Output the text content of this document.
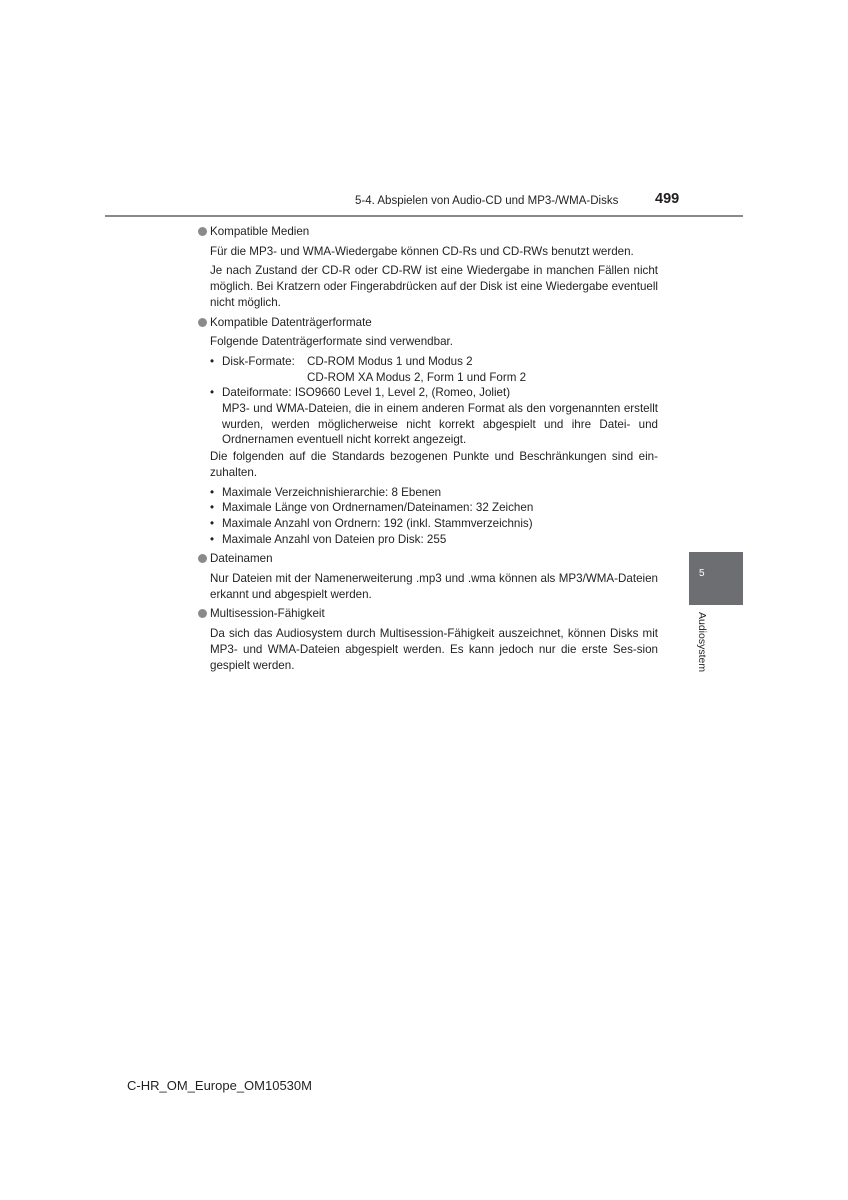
5-4. Abspielen von Audio-CD und MP3-/WMA-Disks	499
Kompatible Medien

Für die MP3- und WMA-Wiedergabe können CD-Rs und CD-RWs benutzt werden.

Je nach Zustand der CD-R oder CD-RW ist eine Wiedergabe in manchen Fällen nicht möglich. Bei Kratzern oder Fingerabdrücken auf der Disk ist eine Wiedergabe eventuell nicht möglich.

Kompatible Datenträgerformate

Folgende Datenträgerformate sind verwendbar.

• Disk-Formate:	CD-ROM Modus 1 und Modus 2
CD-ROM XA Modus 2, Form 1 und Form 2
• Dateiformate: ISO9660 Level 1, Level 2, (Romeo, Joliet)
MP3- und WMA-Dateien, die in einem anderen Format als den vorgenannten erstellt wurden, werden möglicherweise nicht korrekt abgespielt und ihre Datei- und Ordnernamen eventuell nicht korrekt angezeigt.

Die folgenden auf die Standards bezogenen Punkte und Beschränkungen sind ein-zuhalten.

• Maximale Verzeichnishierarchie: 8 Ebenen
• Maximale Länge von Ordnernamen/Dateinamen: 32 Zeichen
• Maximale Anzahl von Ordnern: 192 (inkl. Stammverzeichnis)
• Maximale Anzahl von Dateien pro Disk: 255
Dateinamen

Nur Dateien mit der Namenerweiterung .mp3 und .wma können als MP3/WMA-Dateien erkannt und abgespielt werden.

Multisession-Fähigkeit

Da sich das Audiosystem durch Multisession-Fähigkeit auszeichnet, können Disks mit MP3- und WMA-Dateien abgespielt werden. Es kann jedoch nur die erste Ses-sion gespielt werden.

5
Audiosystem
C-HR_OM_Europe_OM10530M
